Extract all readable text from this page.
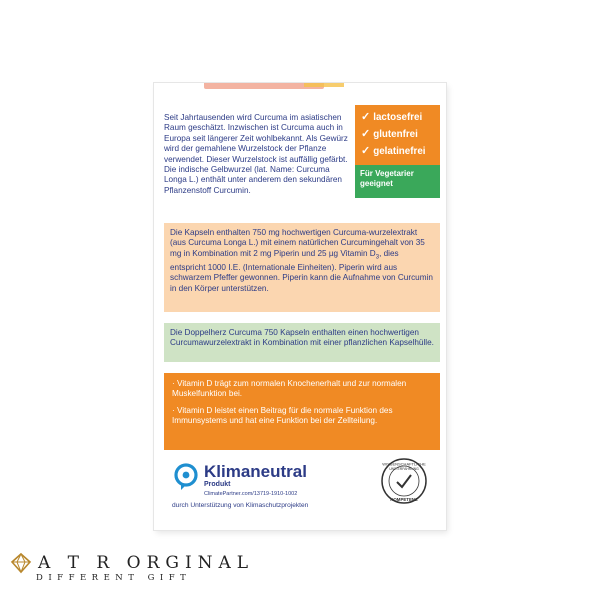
Seit Jahrtausenden wird Curcuma im asiatischen Raum geschätzt. Inzwischen ist Curcuma auch in Europa seit längerer Zeit wohlbekannt. Als Gewürz wird der gemahlene Wurzelstock der Pflanze verwendet. Dieser Wurzelstock ist auffällig gefärbt. Die indische Gelbwurzel (lat. Name: Curcuma Longa L.) enthält unter anderem den sekundären Pflanzenstoff Curcumin.
✓ lactosefrei
✓ glutenfrei
✓ gelatinefrei
Für Vegetarier geeignet
Die Kapseln enthalten 750 mg hochwertigen Curcuma-wurzelextrakt (aus Curcuma Longa L.) mit einem natürlichen Curcumingehalt von 35 mg in Kombination mit 2 mg Piperin und 25 µg Vitamin $D_3$, dies entspricht 1000 I.E. (Internationale Einheiten). Piperin wird aus schwarzem Pfeffer gewonnen. Piperin kann die Aufnahme von Curcumin in den Körper unterstützen.
Die Doppelherz Curcuma 750 Kapseln enthalten einen hochwertigen Curcumawurzelextrakt in Kombination mit einer pflanzlichen Kapselhülle.
· Vitamin D trägt zum normalen Knochenerhalt und zur normalen Muskelfunktion bei.
· Vitamin D leistet einen Beitrag für die normale Funktion des Immunsystems und hat eine Funktion bei der Zellteilung.
Klimaneutral
Produkt
ClimatePartner.com/13719-1910-1002
durch Unterstützung von Klimaschutzprojekten
WISSENSCHAFTLICHE
UND ERFAHRUNG
KOMPETENZ
A T R ORGINAL
DIFFERENT GIFT
